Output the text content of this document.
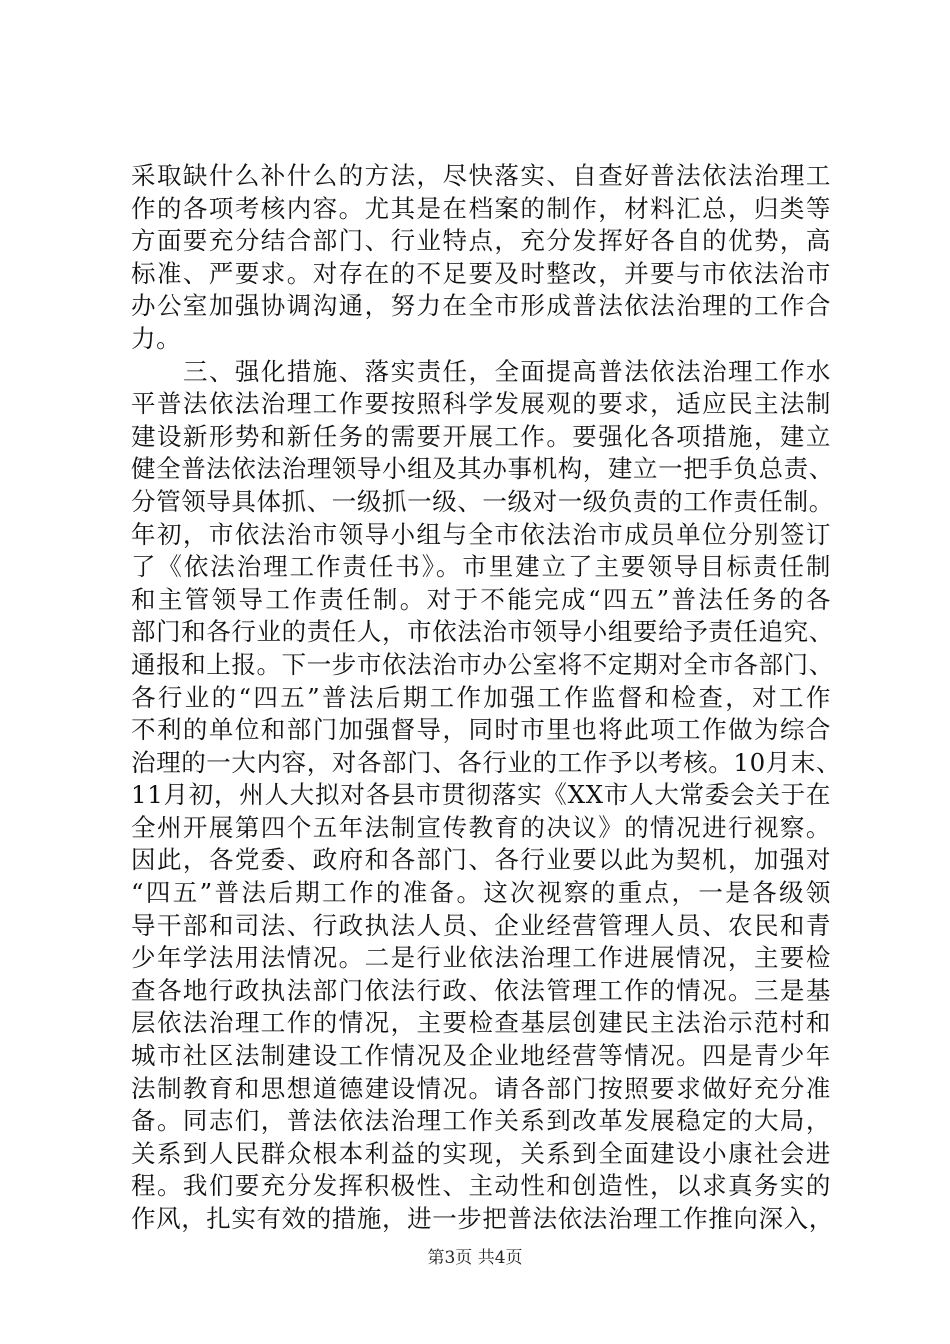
采取缺什么补什么的方法，尽快落实、自查好普法依法治理工
作的各项考核内容。尤其是在档案的制作，材料汇总，归类等
方面要充分结合部门、行业特点，充分发挥好各自的优势，高
标准、严要求。对存在的不足要及时整改，并要与市依法治市
办公室加强协调沟通，努力在全市形成普法依法治理的工作合
力。
三、强化措施、落实责任，全面提高普法依法治理工作水
平普法依法治理工作要按照科学发展观的要求，适应民主法制
建设新形势和新任务的需要开展工作。要强化各项措施，建立
健全普法依法治理领导小组及其办事机构，建立一把手负总责、
分管领导具体抓、一级抓一级、一级对一级负责的工作责任制。
年初，市依法治市领导小组与全市依法治市成员单位分别签订
了《依法治理工作责任书》。市里建立了主要领导目标责任制
和主管领导工作责任制。对于不能完成“四五”普法任务的各
部门和各行业的责任人，市依法治市领导小组要给予责任追究、
通报和上报。下一步市依法治市办公室将不定期对全市各部门、
各行业的“四五”普法后期工作加强工作监督和检查，对工作
不利的单位和部门加强督导，同时市里也将此项工作做为综合
治理的一大内容，对各部门、各行业的工作予以考核。10月末、
11月初，州人大拟对各县市贯彻落实《XX市人大常委会关于在
全州开展第四个五年法制宣传教育的决议》的情况进行视察。
因此，各党委、政府和各部门、各行业要以此为契机，加强对
“四五”普法后期工作的准备。这次视察的重点，一是各级领
导干部和司法、行政执法人员、企业经营管理人员、农民和青
少年学法用法情况。二是行业依法治理工作进展情况，主要检
查各地行政执法部门依法行政、依法管理工作的情况。三是基
层依法治理工作的情况，主要检查基层创建民主法治示范村和
城市社区法制建设工作情况及企业地经营等情况。四是青少年
法制教育和思想道德建设情况。请各部门按照要求做好充分准
备。同志们，普法依法治理工作关系到改革发展稳定的大局，
关系到人民群众根本利益的实现，关系到全面建设小康社会进
程。我们要充分发挥积极性、主动性和创造性，以求真务实的
作风，扎实有效的措施，进一步把普法依法治理工作推向深入，
第3页 共4页
